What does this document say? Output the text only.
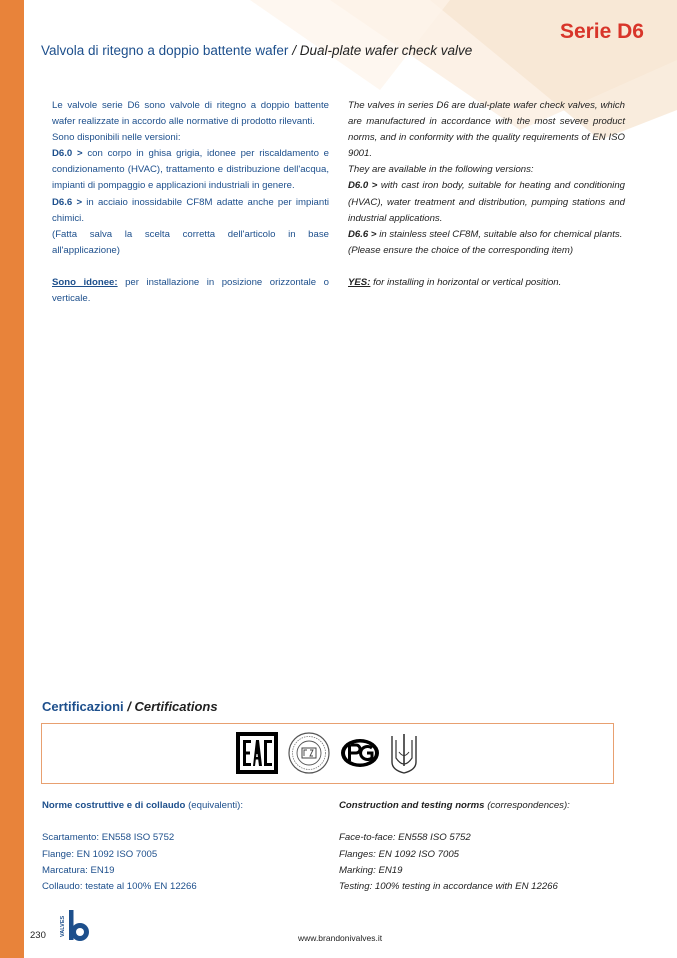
Serie D6
Valvola di ritegno a doppio battente wafer / Dual-plate wafer check valve

Le valvole serie D6 sono valvole di ritegno a doppio battente wafer realizzate in accordo alle normative di prodotto rilevanti.

Sono disponibili nelle versioni:

D6.0 > con corpo in ghisa grigia, idonee per riscaldamento e condizionamento (HVAC), trattamento e distribuzione dell'acqua, impianti di pompaggio e applicazioni industriali in genere.

D6.6 > in acciaio inossidabile CF8M adatte anche per impianti chimici.

(Fatta salva la scelta corretta dell'articolo in base all'applicazione)

Sono idonee: per installazione in posizione orizzontale o verticale.

The valves in series D6 are dual-plate wafer check valves, which are manufactured in accordance with the most severe product norms, and in conformity with the quality requirements of EN ISO 9001.

They are available in the following versions:

D6.0 > with cast iron body, suitable for heating and conditioning (HVAC), water treatment and distribution, pumping stations and industrial applications.

D6.6 > in stainless steel CF8M, suitable also for chemical plants.

(Please ensure the choice of the corresponding item)

YES: for installing in horizontal or vertical position.

Certificazioni / Certifications

Norme costruttive e di collaudo (equivalenti):

Scartamento: EN558 ISO 5752

Flange: EN 1092 ISO 7005

Marcatura: EN19

Collaudo: testate al 100% EN 12266

Construction and testing norms (correspondences):

Face-to-face: EN558 ISO 5752

Flanges: EN 1092 ISO 7005

Marking: EN19

Testing: 100% testing in accordance with EN 12266

230	VALVES
www.brandonivalves.it
